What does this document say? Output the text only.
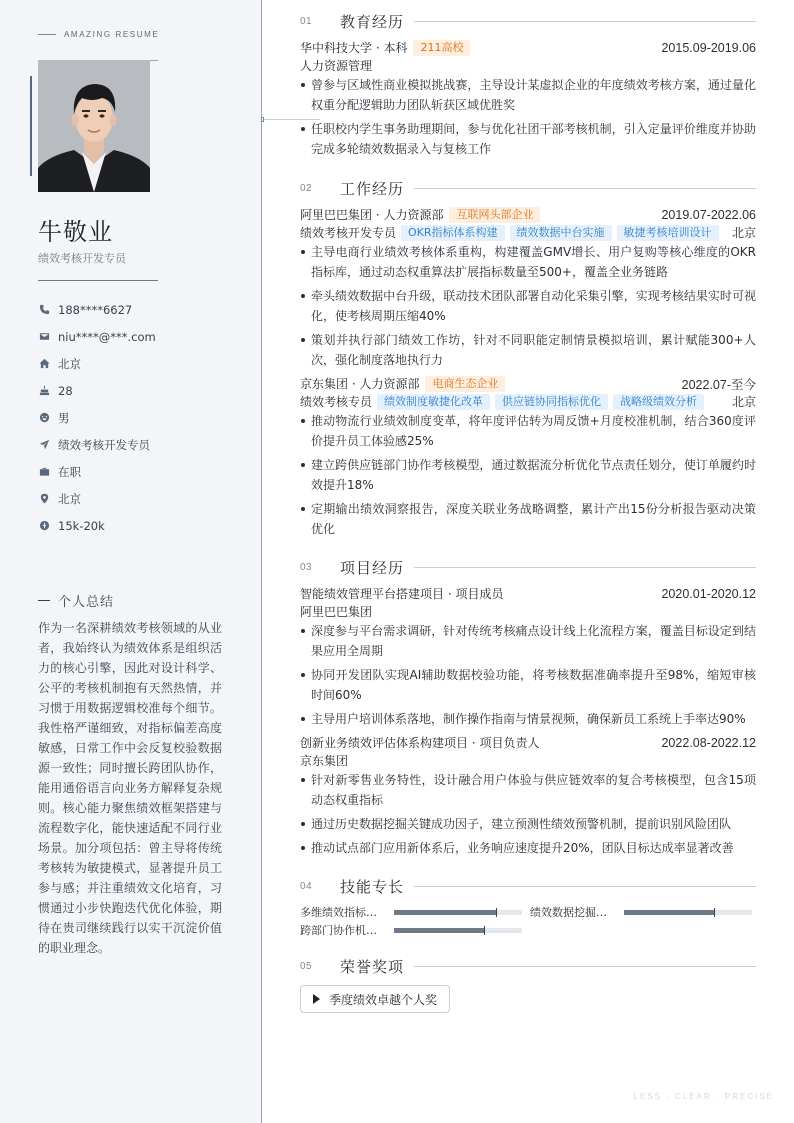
AMAZING RESUME
牛敬业
绩效考核开发专员
188****6627
niu****@***.com
北京
28
男
绩效考核开发专员
在职
北京
15k-20k
个人总结
作为一名深耕绩效考核领域的从业者，我始终认为绩效体系是组织活力的核心引擎，因此对设计科学、公平的考核机制抱有天然热情，并习惯于用数据逻辑校准每个细节。我性格严谨细致，对指标偏差高度敏感，日常工作中会反复校验数据源一致性；同时擅长跨团队协作，能用通俗语言向业务方解释复杂规则。核心能力聚焦绩效框架搭建与流程数字化，能快速适配不同行业场景。加分项包括：曾主导将传统考核转为敏捷模式，显著提升员工参与感；并注重绩效文化培育，习惯通过小步快跑迭代优化体验，期待在贵司继续践行以实干沉淀价值的职业理念。
01	教育经历
华中科技大学 · 本科	211高校	2015.09-2019.06
人力资源管理
曾参与区域性商业模拟挑战赛，主导设计某虚拟企业的年度绩效考核方案，通过量化权重分配逻辑助力团队斩获区域优胜奖
任职校内学生事务助理期间，参与优化社团干部考核机制，引入定量评价维度并协助完成多轮绩效数据录入与复核工作
02	工作经历
阿里巴巴集团 · 人力资源部	互联网头部企业	2019.07-2022.06
绩效考核开发专员	OKR指标体系构建	绩效数据中台实施	敏捷考核培训设计	北京
主导电商行业绩效考核体系重构，构建覆盖GMV增长、用户复购等核心维度的OKR指标库，通过动态权重算法扩展指标数量至500+，覆盖全业务链路
牵头绩效数据中台升级，联动技术团队部署自动化采集引擎，实现考核结果实时可视化，使考核周期压缩40%
策划并执行部门绩效工作坊，针对不同职能定制情景模拟培训，累计赋能300+人次，强化制度落地执行力
京东集团 · 人力资源部	电商生态企业	2022.07-至今
绩效考核专员	绩效制度敏捷化改革	供应链协同指标优化	战略级绩效分析	北京
推动物流行业绩效制度变革，将年度评估转为周反馈+月度校准机制，结合360度评价提升员工体验感25%
建立跨供应链部门协作考核模型，通过数据流分析优化节点责任划分，使订单履约时效提升18%
定期输出绩效洞察报告，深度关联业务战略调整，累计产出15份分析报告驱动决策优化
03	项目经历
智能绩效管理平台搭建项目 · 项目成员	2020.01-2020.12
阿里巴巴集团
深度参与平台需求调研，针对传统考核痛点设计线上化流程方案，覆盖目标设定到结果应用全周期
协同开发团队实现AI辅助数据校验功能，将考核数据准确率提升至98%，缩短审核时间60%
主导用户培训体系落地，制作操作指南与情景视频，确保新员工系统上手率达90%
创新业务绩效评估体系构建项目 · 项目负责人	2022.08-2022.12
京东集团
针对新零售业务特性，设计融合用户体验与供应链效率的复合考核模型，包含15项动态权重指标
通过历史数据挖掘关键成功因子，建立预测性绩效预警机制，提前识别风险团队
推动试点部门应用新体系后，业务响应速度提升20%，团队目标达成率显著改善
04	技能专长
多维绩效指标…	绩效数据挖掘…
跨部门协作机…
05	荣誉奖项
季度绩效卓越个人奖
LESS · CLEAR · PRECISE
